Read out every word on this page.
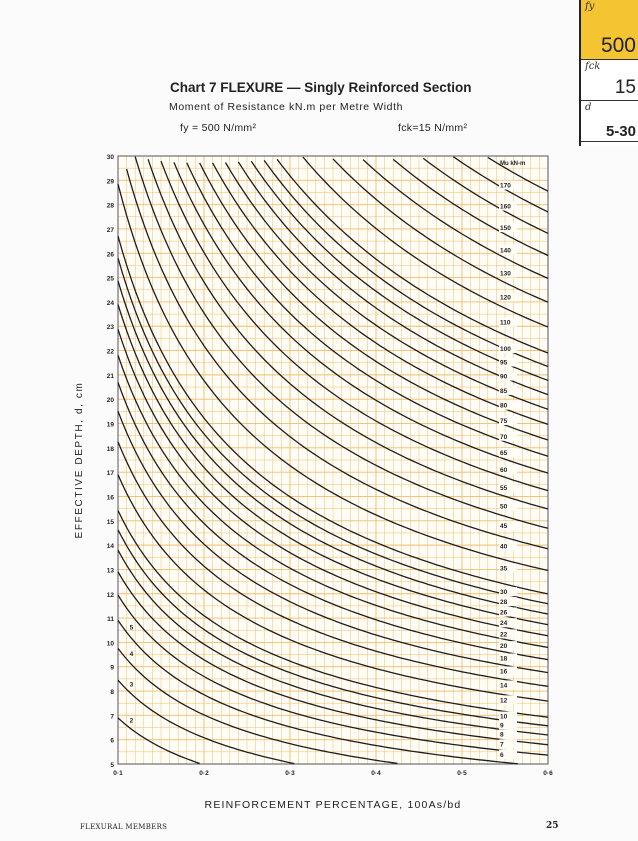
fy
500
fck
15
d
5-30
Chart 7 FLEXURE — Singly Reinforced Section
Moment of Resistance kN.m per Metre Width
fy = 500 N/mm²	fck=15 N/mm²
5
6
7
8
9
10
11
12
13
14
15
16
17
18
19
20
21
22
23
24
25
26
27
28
29
30
0·1	0·2	0·3	0·4	0·5	0·6
REINFORCEMENT PERCENTAGE, 100As/bd
EFFECTIVE DEPTH, d, cm
Mu kN-m
170
160
150
140
130
120
110
100
95
90
85
80
75
70
65
60
55
50
45
40
35
30
28
26
24
22
20
18
16
14
12
10
9
8
7
6
2
3
4
5
FLEXURAL MEMBERS	25
